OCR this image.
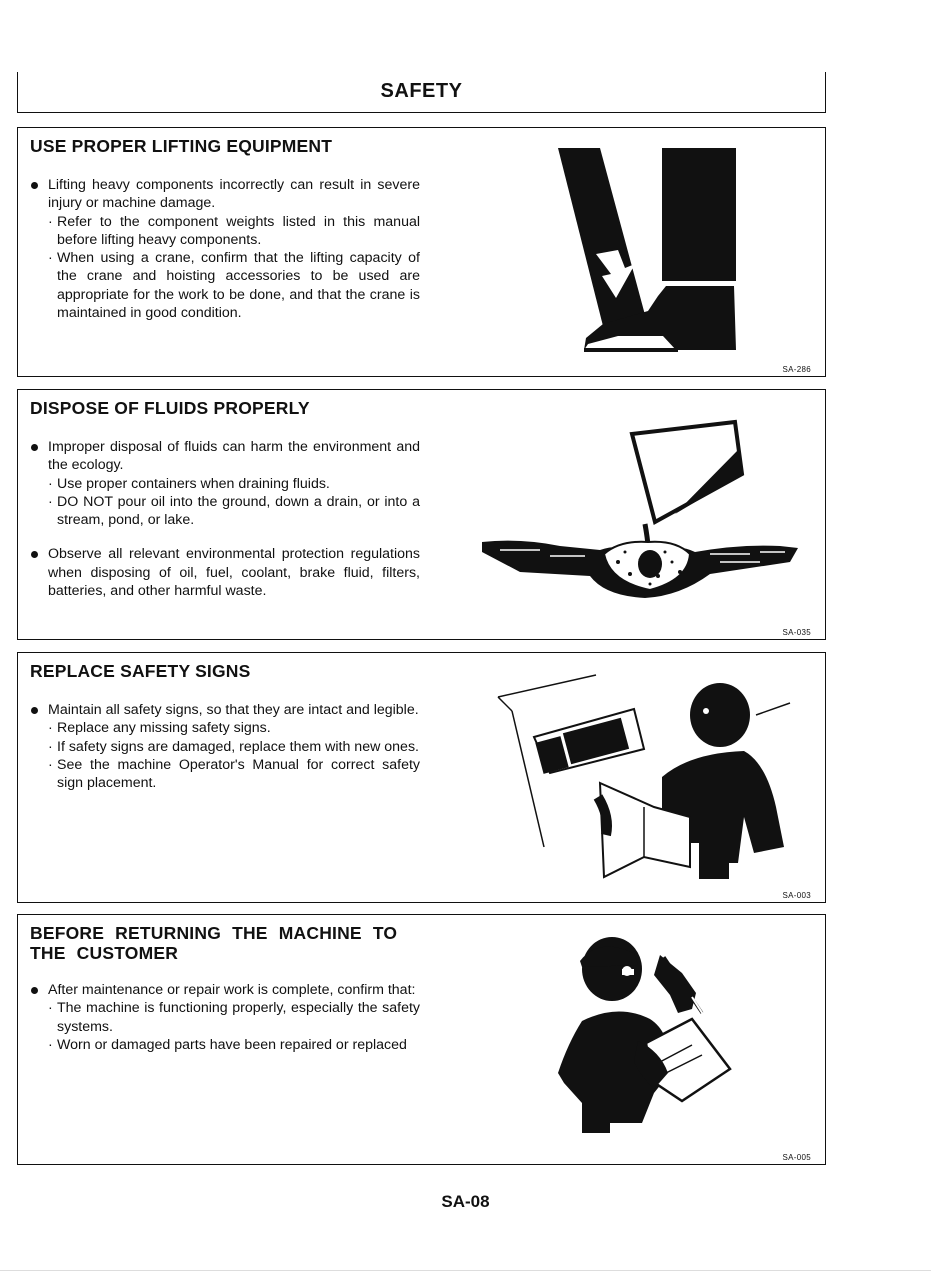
SAFETY
USE PROPER LIFTING EQUIPMENT
Lifting heavy components incorrectly can result in severe injury or machine damage.
· Refer to the component weights listed in this manual before lifting heavy components.
· When using a crane, confirm that the lifting capacity of the crane and hoisting accessories to be used are appropriate for the work to be done, and that the crane is maintained in good condition.
SA-286
DISPOSE OF FLUIDS PROPERLY
Improper disposal of fluids can harm the environment and the ecology.
· Use proper containers when draining fluids.
· DO NOT pour oil into the ground, down a drain, or into a stream, pond, or lake.
Observe all relevant environmental protection regulations when disposing of oil, fuel, coolant, brake fluid, filters, batteries, and other harmful waste.
SA-035
REPLACE SAFETY SIGNS
Maintain all safety signs, so that they are intact and legible.
· Replace any missing safety signs.
· If safety signs are damaged, replace them with new ones.
· See the machine Operator's Manual for correct safety sign placement.
SA-003
BEFORE RETURNING THE MACHINE TO THE CUSTOMER
After maintenance or repair work is complete, confirm that:
· The machine is functioning properly, especially the safety systems.
· Worn or damaged parts have been repaired or replaced
SA-005
SA-08
